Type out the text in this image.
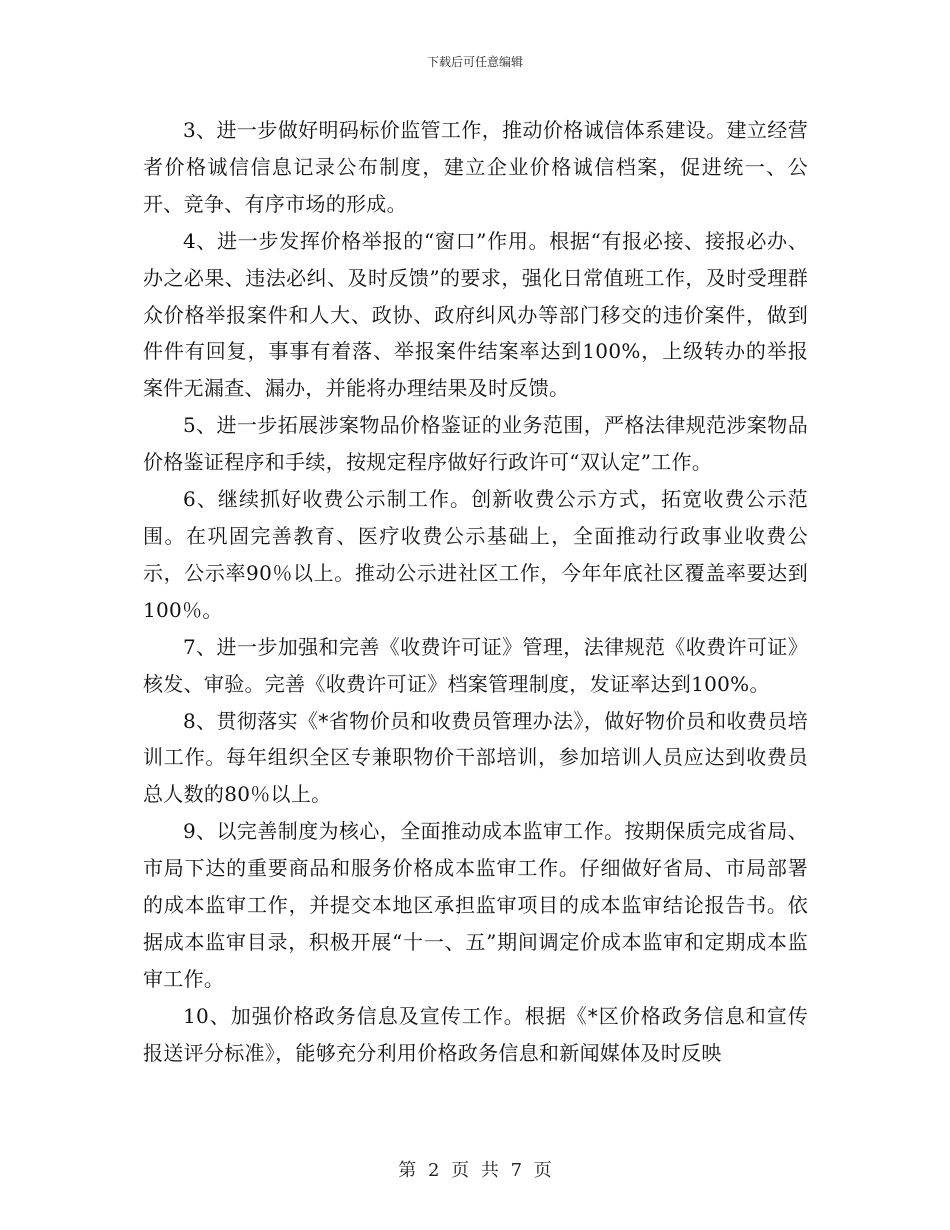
下载后可任意编辑

3、进一步做好明码标价监管工作，推动价格诚信体系建设。建立经营者价格诚信信息记录公布制度，建立企业价格诚信档案，促进统一、公开、竞争、有序市场的形成。

4、进一步发挥价格举报的“窗口”作用。根据“有报必接、接报必办、办之必果、违法必纠、及时反馈”的要求，强化日常值班工作，及时受理群众价格举报案件和人大、政协、政府纠风办等部门移交的违价案件，做到件件有回复，事事有着落、举报案件结案率达到100%，上级转办的举报案件无漏查、漏办，并能将办理结果及时反馈。

5、进一步拓展涉案物品价格鉴证的业务范围，严格法律规范涉案物品价格鉴证程序和手续，按规定程序做好行政许可“双认定”工作。

6、继续抓好收费公示制工作。创新收费公示方式，拓宽收费公示范围。在巩固完善教育、医疗收费公示基础上，全面推动行政事业收费公示，公示率90％以上。推动公示进社区工作，今年年底社区覆盖率要达到100％。

7、进一步加强和完善《收费许可证》管理，法律规范《收费许可证》核发、审验。完善《收费许可证》档案管理制度，发证率达到100%。

8、贯彻落实《*省物价员和收费员管理办法》，做好物价员和收费员培训工作。每年组织全区专兼职物价干部培训，参加培训人员应达到收费员总人数的80％以上。

9、以完善制度为核心，全面推动成本监审工作。按期保质完成省局、市局下达的重要商品和服务价格成本监审工作。仔细做好省局、市局部署的成本监审工作，并提交本地区承担监审项目的成本监审结论报告书。依据成本监审目录，积极开展“十一、五”期间调定价成本监审和定期成本监审工作。

10、加强价格政务信息及宣传工作。根据《*区价格政务信息和宣传报送评分标准》，能够充分利用价格政务信息和新闻媒体及时反映

第 2 页 共 7 页
